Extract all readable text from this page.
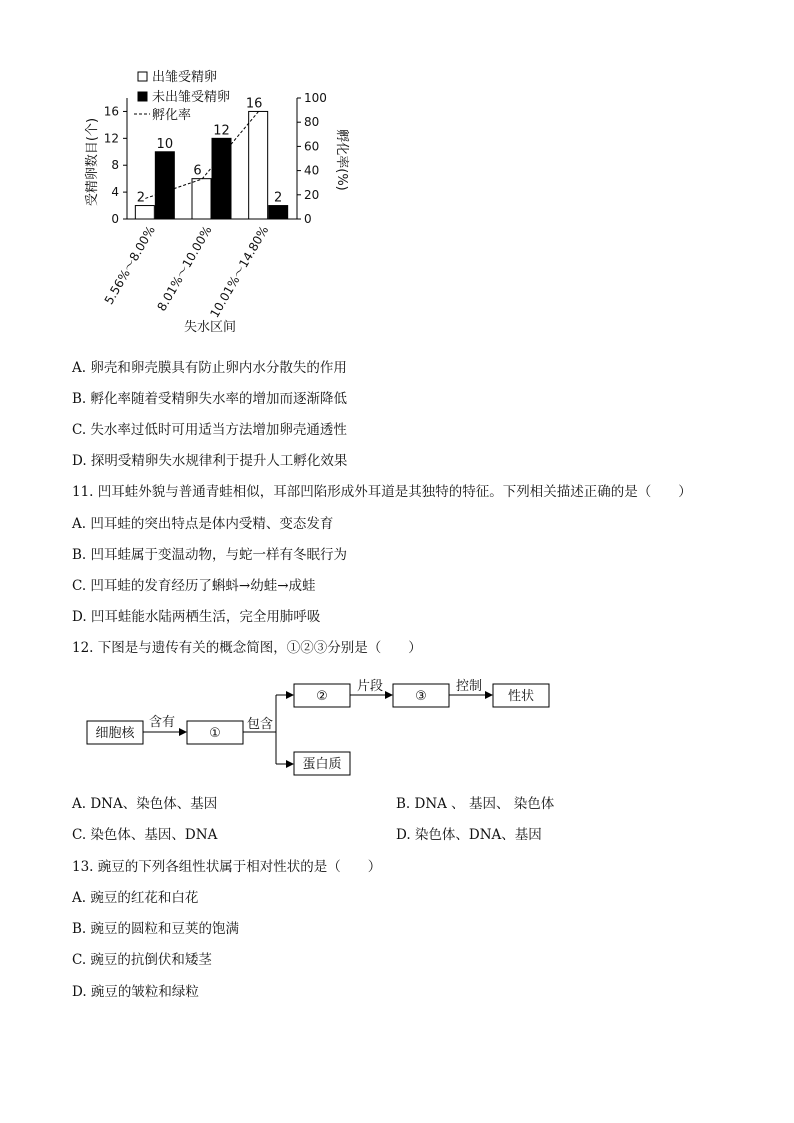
出雏受精卵
未出雏受精卵
孵化率
受精卵数目(个)	孵化率(%)
失水区间
0
4
8
12
16
0
20
40
60
80
100
2
10
5.56%～8.00%
6
12
8.01%～10.00%
16
2
10.01%～14.80%
A. 卵壳和卵壳膜具有防止卵内水分散失的作用
B. 孵化率随着受精卵失水率的增加而逐渐降低
C. 失水率过低时可用适当方法增加卵壳通透性
D. 探明受精卵失水规律利于提升人工孵化效果
11. 凹耳蛙外貌与普通青蛙相似，耳部凹陷形成外耳道是其独特的特征。下列相关描述正确的是（　　）
A. 凹耳蛙的突出特点是体内受精、变态发育
B. 凹耳蛙属于变温动物，与蛇一样有冬眠行为
C. 凹耳蛙的发育经历了蝌蚪→幼蛙→成蛙
D. 凹耳蛙能水陆两栖生活，完全用肺呼吸
12. 下图是与遗传有关的概念简图，①②③分别是（　　）
细胞核	①
②	③	性状
蛋白质
含有	包含
片段	控制
A. DNA、染色体、基因	B. DNA 、 基因、 染色体
C. 染色体、基因、DNA	D. 染色体、DNA、基因
13. 豌豆的下列各组性状属于相对性状的是（　　）
A. 豌豆的红花和白花
B. 豌豆的圆粒和豆荚的饱满
C. 豌豆的抗倒伏和矮茎
D. 豌豆的皱粒和绿粒
